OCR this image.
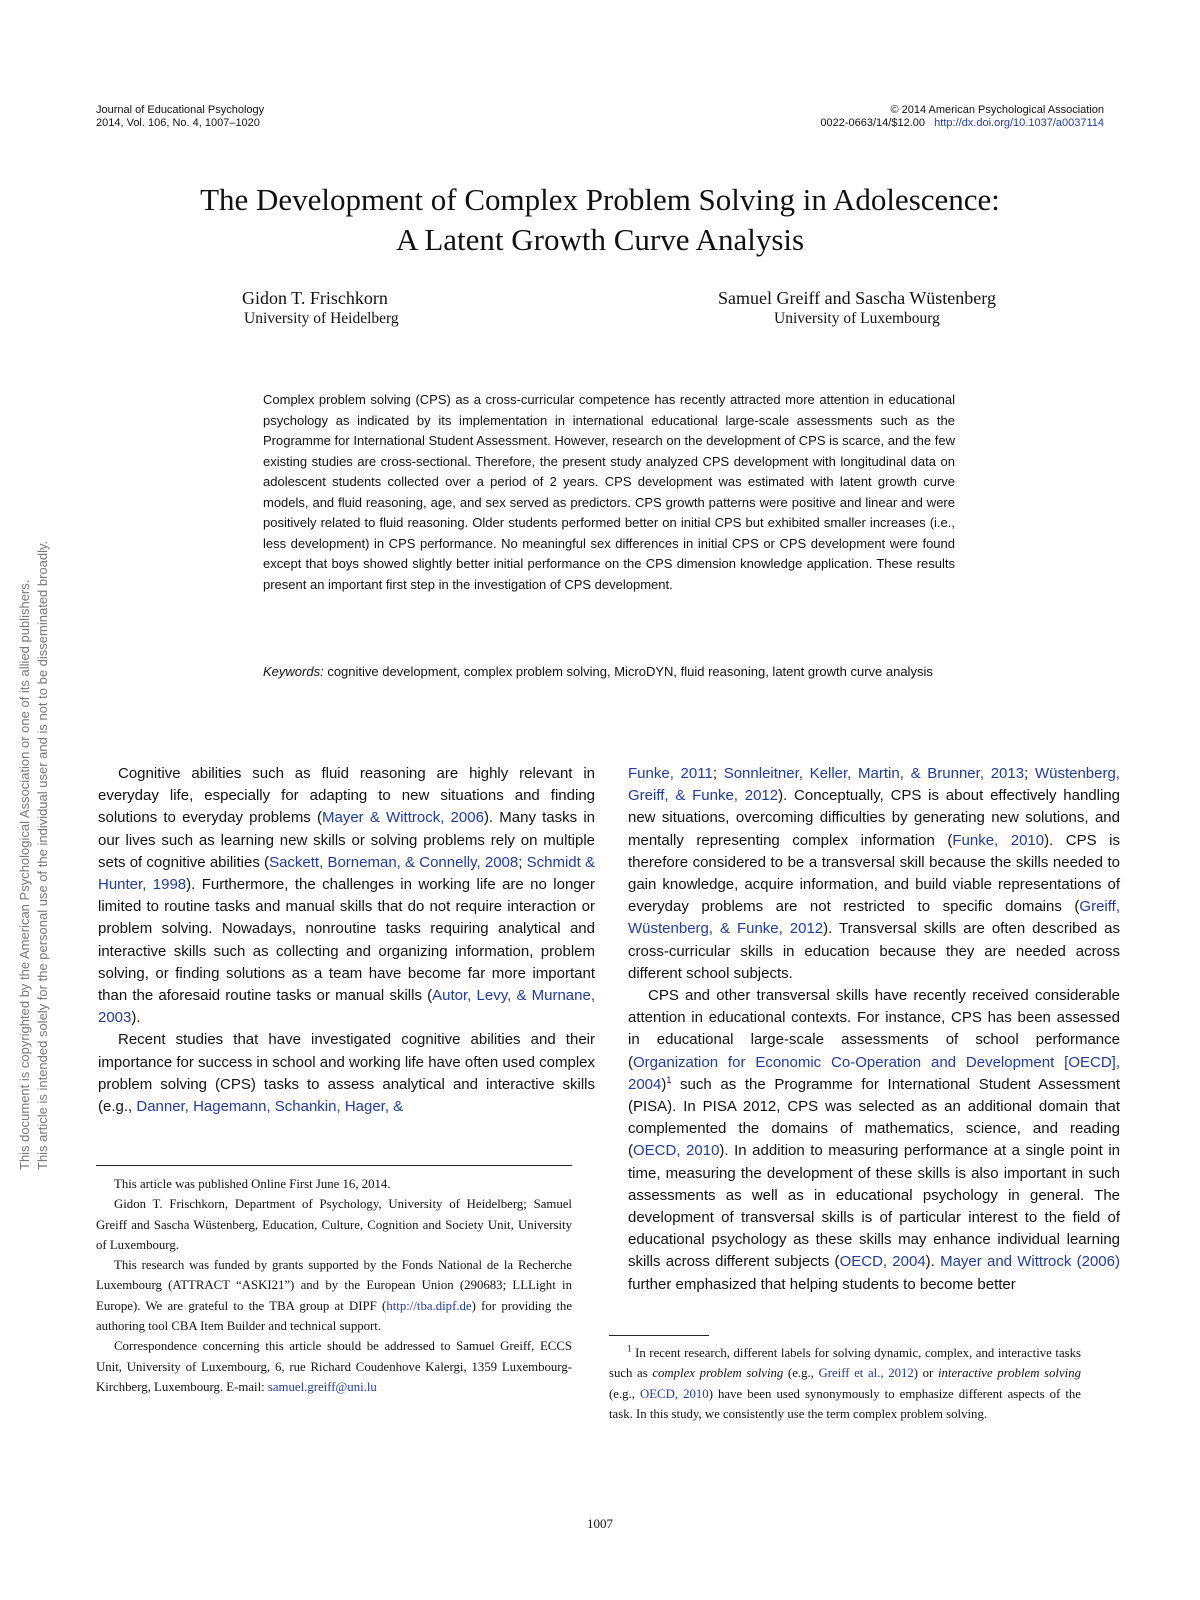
Journal of Educational Psychology
2014, Vol. 106, No. 4, 1007–1020
© 2014 American Psychological Association
0022-0663/14/$12.00 http://dx.doi.org/10.1037/a0037114
The Development of Complex Problem Solving in Adolescence:
A Latent Growth Curve Analysis
Gidon T. Frischkorn
University of Heidelberg
Samuel Greiff and Sascha Wüstenberg
University of Luxembourg
Complex problem solving (CPS) as a cross-curricular competence has recently attracted more attention in educational psychology as indicated by its implementation in international educational large-scale assessments such as the Programme for International Student Assessment. However, research on the development of CPS is scarce, and the few existing studies are cross-sectional. Therefore, the present study analyzed CPS development with longitudinal data on adolescent students collected over a period of 2 years. CPS development was estimated with latent growth curve models, and fluid reasoning, age, and sex served as predictors. CPS growth patterns were positive and linear and were positively related to fluid reasoning. Older students performed better on initial CPS but exhibited smaller increases (i.e., less development) in CPS performance. No meaningful sex differences in initial CPS or CPS development were found except that boys showed slightly better initial performance on the CPS dimension knowledge application. These results present an important first step in the investigation of CPS development.
Keywords: cognitive development, complex problem solving, MicroDYN, fluid reasoning, latent growth curve analysis
This document is copyrighted by the American Psychological Association or one of its allied publishers. This article is intended solely for the personal use of the individual user and is not to be disseminated broadly.	Cognitive abilities such as fluid reasoning are highly relevant in everyday life, especially for adapting to new situations and finding solutions to everyday problems (Mayer & Wittrock, 2006). Many tasks in our lives such as learning new skills or solving problems rely on multiple sets of cognitive abilities (Sackett, Borneman, & Connelly, 2008; Schmidt & Hunter, 1998). Furthermore, the challenges in working life are no longer limited to routine tasks and manual skills that do not require interaction or problem solving. Nowadays, nonroutine tasks requiring analytical and interactive skills such as collecting and organizing information, problem solving, or finding solutions as a team have become far more important than the aforesaid routine tasks or manual skills (Autor, Levy, & Murnane, 2003).

Recent studies that have investigated cognitive abilities and their importance for success in school and working life have often used complex problem solving (CPS) tasks to assess analytical and interactive skills (e.g., Danner, Hagemann, Schankin, Hager, &

This article was published Online First June 16, 2014.

Gidon T. Frischkorn, Department of Psychology, University of Heidelberg; Samuel Greiff and Sascha Wüstenberg, Education, Culture, Cognition and Society Unit, University of Luxembourg.

This research was funded by grants supported by the Fonds National de la Recherche Luxembourg (ATTRACT “ASKI21”) and by the European Union (290683; LLLight in Europe). We are grateful to the TBA group at DIPF (http://tba.dipf.de) for providing the authoring tool CBA Item Builder and technical support.

Correspondence concerning this article should be addressed to Samuel Greiff, ECCS Unit, University of Luxembourg, 6, rue Richard Coudenhove Kalergi, 1359 Luxembourg-Kirchberg, Luxembourg. E-mail: samuel.greiff@uni.lu

Funke, 2011; Sonnleitner, Keller, Martin, & Brunner, 2013; Wüstenberg, Greiff, & Funke, 2012). Conceptually, CPS is about effectively handling new situations, overcoming difficulties by generating new solutions, and mentally representing complex information (Funke, 2010). CPS is therefore considered to be a transversal skill because the skills needed to gain knowledge, acquire information, and build viable representations of everyday problems are not restricted to specific domains (Greiff, Wüstenberg, & Funke, 2012). Transversal skills are often described as cross-curricular skills in education because they are needed across different school subjects.

CPS and other transversal skills have recently received considerable attention in educational contexts. For instance, CPS has been assessed in educational large-scale assessments of school performance (Organization for Economic Co-Operation and Development [OECD], 2004)$^1$ such as the Programme for International Student Assessment (PISA). In PISA 2012, CPS was selected as an additional domain that complemented the domains of mathematics, science, and reading (OECD, 2010). In addition to measuring performance at a single point in time, measuring the development of these skills is also important in such assessments as well as in educational psychology in general. The development of transversal skills is of particular interest to the field of educational psychology as these skills may enhance individual learning skills across different subjects (OECD, 2004). Mayer and Wittrock (2006) further emphasized that helping students to become better

$^1$ In recent research, different labels for solving dynamic, complex, and interactive tasks such as complex problem solving (e.g., Greiff et al., 2012) or interactive problem solving (e.g., OECD, 2010) have been used synonymously to emphasize different aspects of the task. In this study, we consistently use the term complex problem solving.

1007
